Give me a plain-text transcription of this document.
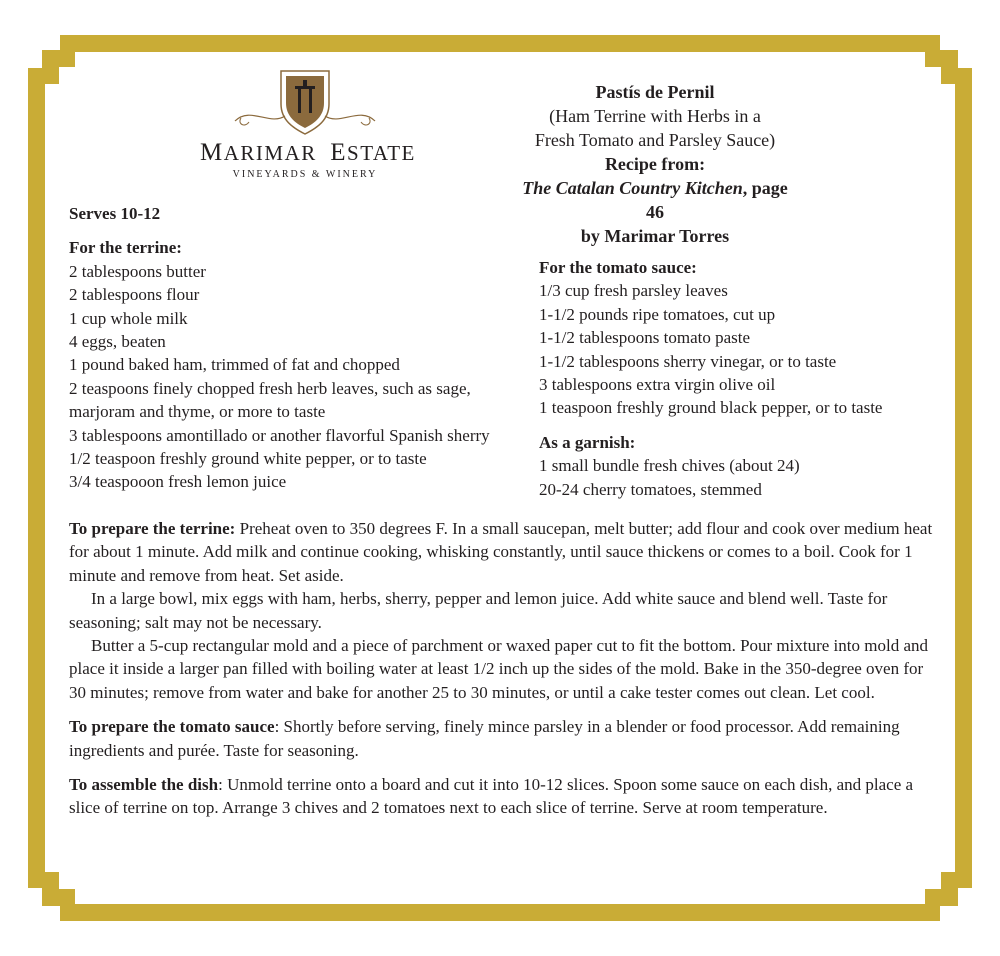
MARIMAR ESTATE
VINEYARDS & WINERY
Pastís de Pernil
(Ham Terrine with Herbs in a
Fresh Tomato and Parsley Sauce)
Recipe from:
The Catalan Country Kitchen, page 46
by Marimar Torres
Serves 10-12
For the terrine:
2 tablespoons butter
2 tablespoons flour
1 cup whole milk
4 eggs, beaten
1 pound baked ham, trimmed of fat and chopped
2 teaspoons finely chopped fresh herb leaves, such as sage,
marjoram and thyme, or more to taste
3 tablespoons amontillado or another flavorful Spanish sherry
1/2 teaspoon freshly ground white pepper, or to taste
3/4 teaspooon fresh lemon juice
For the tomato sauce:
1/3 cup fresh parsley leaves
1-1/2 pounds ripe tomatoes, cut up
1-1/2 tablespoons tomato paste
1-1/2 tablespoons sherry vinegar, or to taste
3 tablespoons extra virgin olive oil
1 teaspoon freshly ground black pepper, or to taste
As a garnish:
1 small bundle fresh chives (about 24)
20-24 cherry tomatoes, stemmed

To prepare the terrine: Preheat oven to 350 degrees F. In a small saucepan, melt butter; add flour and cook over medium heat for about 1 minute. Add milk and continue cooking, whisking constantly, until sauce thickens or comes to a boil. Cook for 1 minute and remove from heat. Set aside.

In a large bowl, mix eggs with ham, herbs, sherry, pepper and lemon juice. Add white sauce and blend well. Taste for seasoning; salt may not be necessary.

Butter a 5-cup rectangular mold and a piece of parchment or waxed paper cut to fit the bottom. Pour mixture into mold and place it inside a larger pan filled with boiling water at least 1/2 inch up the sides of the mold. Bake in the 350-degree oven for 30 minutes; remove from water and bake for another 25 to 30 minutes, or until a cake tester comes out clean. Let cool.

To prepare the tomato sauce: Shortly before serving, finely mince parsley in a blender or food processor. Add remaining ingredients and purée. Taste for seasoning.

To assemble the dish: Unmold terrine onto a board and cut it into 10-12 slices. Spoon some sauce on each dish, and place a slice of terrine on top. Arrange 3 chives and 2 tomatoes next to each slice of terrine. Serve at room temperature.
